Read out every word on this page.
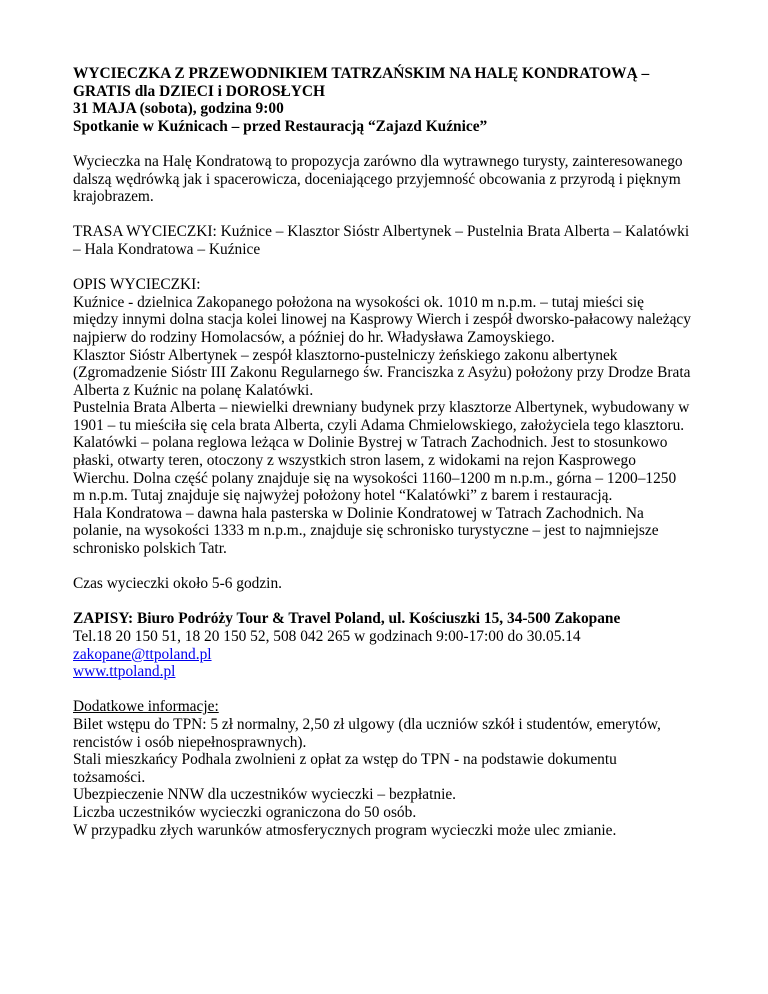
WYCIECZKA Z PRZEWODNIKIEM TATRZAŃSKIM NA HALĘ KONDRATOWĄ –
GRATIS dla DZIECI i DOROSŁYCH
31 MAJA (sobota), godzina 9:00
Spotkanie w Kuźnicach – przed Restauracją “Zajazd Kuźnice”
Wycieczka na Halę Kondratową to propozycja zarówno dla wytrawnego turysty, zainteresowanego
dalszą wędrówką jak i spacerowicza, doceniającego przyjemność obcowania z przyrodą i pięknym
krajobrazem.
TRASA WYCIECZKI: Kuźnice – Klasztor Sióstr Albertynek – Pustelnia Brata Alberta – Kalatówki
– Hala Kondratowa – Kuźnice
OPIS WYCIECZKI:
Kuźnice - dzielnica Zakopanego położona na wysokości ok. 1010 m n.p.m. – tutaj mieści się
między innymi dolna stacja kolei linowej na Kasprowy Wierch i zespół dworsko-pałacowy należący
najpierw do rodziny Homolacsów, a później do hr. Władysława Zamoyskiego.
Klasztor Sióstr Albertynek – zespół klasztorno-pustelniczy żeńskiego zakonu albertynek
(Zgromadzenie Sióstr III Zakonu Regularnego św. Franciszka z Asyżu) położony przy Drodze Brata
Alberta z Kuźnic na polanę Kalatówki.
Pustelnia Brata Alberta – niewielki drewniany budynek przy klasztorze Albertynek, wybudowany w
1901 – tu mieściła się cela brata Alberta, czyli Adama Chmielowskiego, założyciela tego klasztoru.
Kalatówki – polana reglowa leżąca w Dolinie Bystrej w Tatrach Zachodnich. Jest to stosunkowo
płaski, otwarty teren, otoczony z wszystkich stron lasem, z widokami na rejon Kasprowego
Wierchu. Dolna część polany znajduje się na wysokości 1160–1200 m n.p.m., górna – 1200–1250
m n.p.m. Tutaj znajduje się najwyżej położony hotel “Kalatówki” z barem i restauracją.
Hala Kondratowa – dawna hala pasterska w Dolinie Kondratowej w Tatrach Zachodnich. Na
polanie, na wysokości 1333 m n.p.m., znajduje się schronisko turystyczne – jest to najmniejsze
schronisko polskich Tatr.
Czas wycieczki około 5-6 godzin.
ZAPISY: Biuro Podróży Tour & Travel Poland, ul. Kościuszki 15, 34-500 Zakopane
Tel.18 20 150 51, 18 20 150 52, 508 042 265 w godzinach 9:00-17:00 do 30.05.14
zakopane@ttpoland.pl
www.ttpoland.pl
Dodatkowe informacje:
Bilet wstępu do TPN: 5 zł normalny, 2,50 zł ulgowy (dla uczniów szkół i studentów, emerytów,
rencistów i osób niepełnosprawnych).
Stali mieszkańcy Podhala zwolnieni z opłat za wstęp do TPN - na podstawie dokumentu
tożsamości.
Ubezpieczenie NNW dla uczestników wycieczki – bezpłatnie.
Liczba uczestników wycieczki ograniczona do 50 osób.
W przypadku złych warunków atmosferycznych program wycieczki może ulec zmianie.
